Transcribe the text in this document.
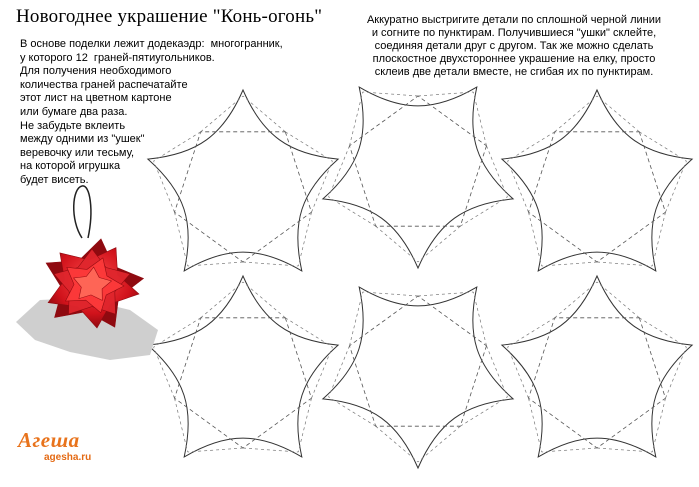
Новогоднее украшение "Конь-огонь"

В основе поделки лежит додекаэдр:  многогранник,

у которого 12  граней-пятиугольников.

Для получения необходимого

количества граней распечатайте

этот лист на цветном картоне

или бумаге два раза.

Не забудьте вклеить

между одними из "ушек"

веревочку или тесьму,

на которой игрушка

будет висеть.

Аккуратно выстригите детали по сплошной черной линии

и согните по пунктирам. Получившиеся "ушки" склейте,

соединяя детали друг с другом. Так же можно сделать

плоскостное двухстороннее украшение на елку, просто

склеив две детали вместе, не сгибая их по пунктирам.

Агеша
agesha.ru
